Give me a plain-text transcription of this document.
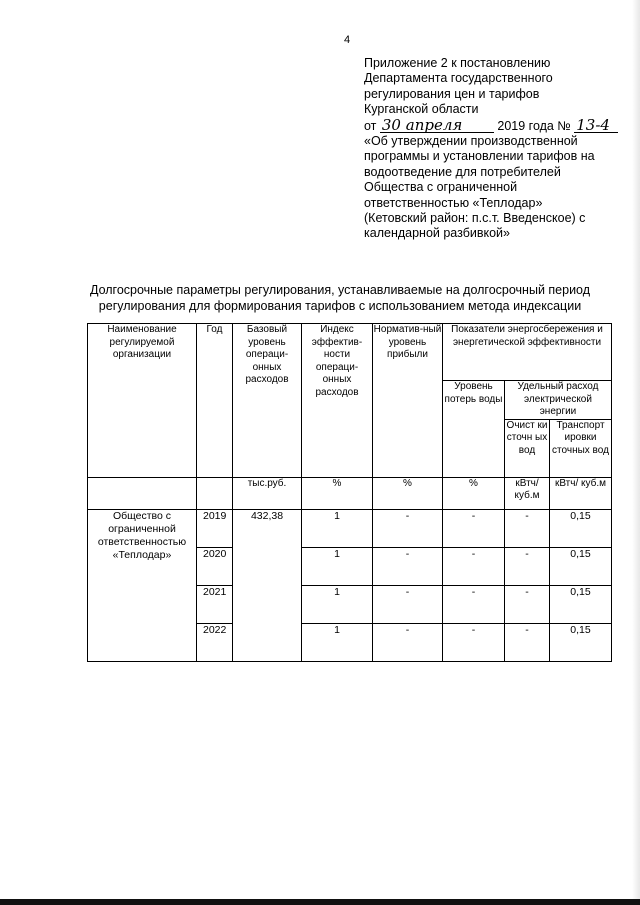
4
Приложение 2 к постановлению
Департамента государственного
регулирования цен и тарифов
Курганской области
от 30 апреля	2019 года № 13-4
«Об утверждении производственной
программы и установлении тарифов на
водоотведение для потребителей
Общества с ограниченной
ответственностью «Теплодар»
(Кетовский район: п.с.т. Введенское) с
календарной разбивкой»
Долгосрочные параметры регулирования, устанавливаемые на долгосрочный период
регулирования для формирования тарифов с использованием метода индексации
Наименование регулируемой организации	Год	Базовый уровень операци-онных расходов	Индекс эффектив-ности операци-онных расходов	Норматив-ный уровень прибыли	Показатели энергосбережения и энергетической эффективности		
					Уровень потерь воды	Удельный расход электрической энергии	
						Очист ки сточн ых вод	Транспорт ировки сточных вод

		тыс.руб.	%	%	%	кВтч/ куб.м	кВтч/ куб.м
Общество с ограниченной ответственностью «Теплодар»	2019	432,38	1	-	-	-	0,15
	2020		1	-	-	-	0,15
	2021		1	-	-	-	0,15
	2022		1	-	-	-	0,15
